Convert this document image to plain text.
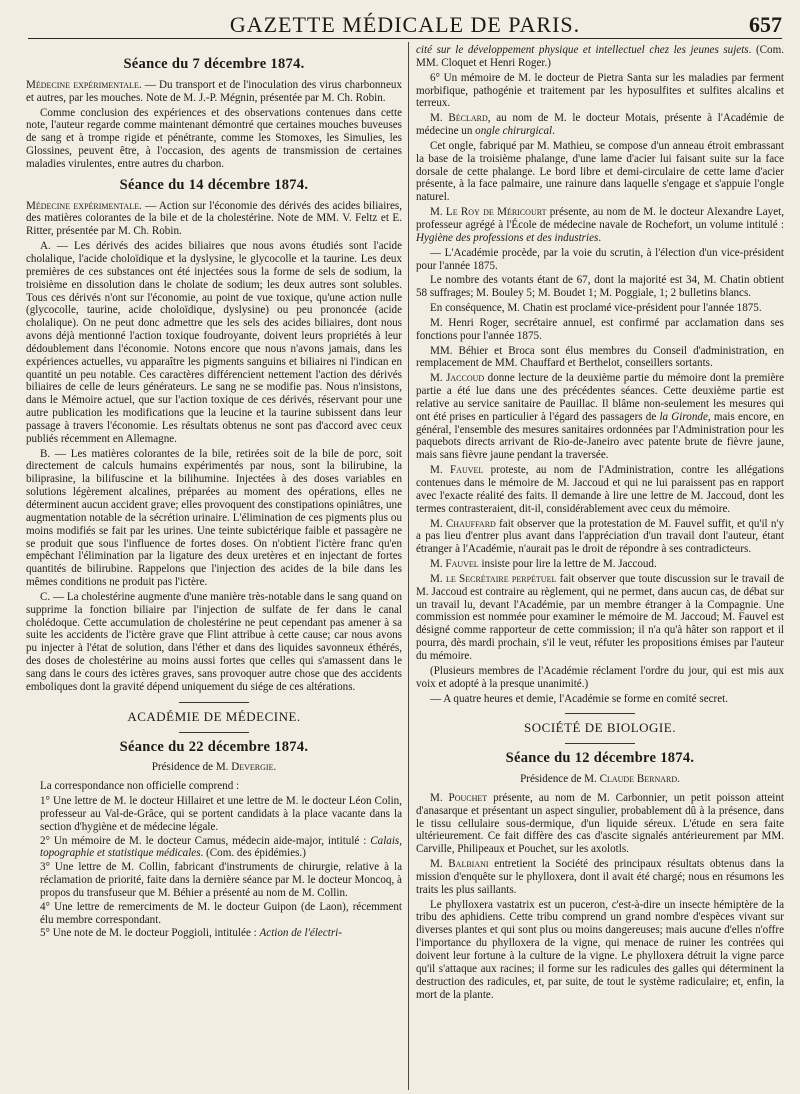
GAZETTE MÉDICALE DE PARIS.	657
Séance du 7 décembre 1874.

Médecine expérimentale. — Du transport et de l'inoculation des virus charbonneux et autres, par les mouches. Note de M. J.-P. Mégnin, présentée par M. Ch. Robin.

Comme conclusion des expériences et des observations contenues dans cette note, l'auteur regarde comme maintenant démontré que certaines mouches buveuses de sang et à trompe rigide et pénétrante, comme les Stomoxes, les Simulies, les Glossines, peuvent être, à l'occasion, des agents de transmission de certaines maladies virulentes, entre autres du charbon.

Séance du 14 décembre 1874.

Médecine expérimentale. — Action sur l'économie des dérivés des acides biliaires, des matières colorantes de la bile et de la cholestérine. Note de MM. V. Feltz et E. Ritter, présentée par M. Ch. Robin.

A. — Les dérivés des acides biliaires que nous avons étudiés sont l'acide cholalique, l'acide choloïdique et la dyslysine, le glycocolle et la taurine. Les deux premières de ces substances ont été injectées sous la forme de sels de sodium, la troisième en dissolution dans le cholate de sodium; les deux autres sont solubles. Tous ces dérivés n'ont sur l'économie, au point de vue toxique, qu'une action nulle (glycocolle, taurine, acide choloïdique, dyslysine) ou peu prononcée (acide cholalique). On ne peut donc admettre que les sels des acides biliaires, dont nous avons déjà mentionné l'action toxique foudroyante, doivent leurs propriétés à leur dédoublement dans l'économie. Notons encore que nous n'avons jamais, dans les expériences actuelles, vu apparaître les pigments sanguins et biliaires ni l'indican en quantité un peu notable. Ces caractères différencient nettement l'action des dérivés biliaires de celle de leurs générateurs. Le sang ne se modifie pas. Nous n'insistons, dans le Mémoire actuel, que sur l'action toxique de ces dérivés, réservant pour une autre publication les modifications que la leucine et la taurine subissent dans leur passage à travers l'économie. Les résultats obtenus ne sont pas d'accord avec ceux publiés récemment en Allemagne.

B. — Les matières colorantes de la bile, retirées soit de la bile de porc, soit directement de calculs humains expérimentés par nous, sont la bilirubine, la biliprasine, la bilifuscine et la bilihumine. Injectées à des doses variables en solutions légèrement alcalines, préparées au moment des opérations, elles ne déterminent aucun accident grave; elles provoquent des constipations opiniâtres, une augmentation notable de la sécrétion urinaire. L'élimination de ces pigments plus ou moins modifiés se fait par les urines. Une teinte subictérique faible et passagère ne se produit que sous l'influence de fortes doses. On n'obtient l'ictère franc qu'en empêchant l'élimination par la ligature des deux uretères et en injectant de fortes quantités de bilirubine. Rappelons que l'injection des acides de la bile dans les mêmes conditions ne produit pas l'ictère.

C. — La cholestérine augmente d'une manière très-notable dans le sang quand on supprime la fonction biliaire par l'injection de sulfate de fer dans le canal cholédoque. Cette accumulation de cholestérine ne peut cependant pas amener à sa suite les accidents de l'ictère grave que Flint attribue à cette cause; car nous avons pu injecter à l'état de solution, dans l'éther et dans des liquides savonneux éthérés, des doses de cholestérine au moins aussi fortes que celles qui s'amassent dans le sang dans le cours des ictères graves, sans provoquer autre chose que des accidents emboliques dont la gravité dépend uniquement du siége de ces altérations.

ACADÉMIE DE MÉDECINE.
Séance du 22 décembre 1874.
Présidence de M. Devergie.

La correspondance non officielle comprend :

1° Une lettre de M. le docteur Hillairet et une lettre de M. le docteur Léon Colin, professeur au Val-de-Grâce, qui se portent candidats à la place vacante dans la section d'hygiène et de médecine légale.

2° Un mémoire de M. le docteur Camus, médecin aide-major, intitulé : Calais, topographie et statistique médicales. (Com. des épidémies.)

3° Une lettre de M. Collin, fabricant d'instruments de chirurgie, relative à la réclamation de priorité, faite dans la dernière séance par M. le docteur Moncoq, à propos du transfuseur que M. Béhier a présenté au nom de M. Collin.

4° Une lettre de remerciments de M. le docteur Guipon (de Laon), récemment élu membre correspondant.

5° Une note de M. le docteur Poggioli, intitulée : Action de l'électri-

cité sur le développement physique et intellectuel chez les jeunes sujets. (Com. MM. Cloquet et Henri Roger.)

6° Un mémoire de M. le docteur de Pietra Santa sur les maladies par ferment morbifique, pathogénie et traitement par les hyposulfites et sulfites alcalins et terreux.

M. Béclard, au nom de M. le docteur Motais, présente à l'Académie de médecine un ongle chirurgical.

Cet ongle, fabriqué par M. Mathieu, se compose d'un anneau étroit embrassant la base de la troisième phalange, d'une lame d'acier lui faisant suite sur la face dorsale de cette phalange. Le bord libre et demi-circulaire de cette lame d'acier présente, à la face palmaire, une rainure dans laquelle s'engage et s'appuie l'ongle naturel.

M. Le Roy de Méricourt présente, au nom de M. le docteur Alexandre Layet, professeur agrégé à l'École de médecine navale de Rochefort, un volume intitulé : Hygiène des professions et des industries.

— L'Académie procède, par la voie du scrutin, à l'élection d'un vice-président pour l'année 1875.

Le nombre des votants étant de 67, dont la majorité est 34, M. Chatin obtient 58 suffrages; M. Bouley 5; M. Boudet 1; M. Poggiale, 1; 2 bulletins blancs.

En conséquence, M. Chatin est proclamé vice-président pour l'année 1875.

M. Henri Roger, secrétaire annuel, est confirmé par acclamation dans ses fonctions pour l'année 1875.

MM. Béhier et Broca sont élus membres du Conseil d'administration, en remplacement de MM. Chauffard et Berthelot, conseillers sortants.

M. Jaccoud donne lecture de la deuxième partie du mémoire dont la première partie a été lue dans une des précédentes séances. Cette deuxième partie est relative au service sanitaire de Pauillac. Il blâme non-seulement les mesures qui ont été prises en particulier à l'égard des passagers de la Gironde, mais encore, en général, l'ensemble des mesures sanitaires ordonnées par l'Administration pour les paquebots directs arrivant de Rio-de-Janeiro avec patente brute de fièvre jaune, mais sans fièvre jaune pendant la traversée.

M. Fauvel proteste, au nom de l'Administration, contre les allégations contenues dans le mémoire de M. Jaccoud et qui ne lui paraissent pas en rapport avec l'exacte réalité des faits. Il demande à lire une lettre de M. Jaccoud, dont les termes contrasteraient, dit-il, considérablement avec ceux du mémoire.

M. Chauffard fait observer que la protestation de M. Fauvel suffit, et qu'il n'y a pas lieu d'entrer plus avant dans l'appréciation d'un travail dont l'auteur, étant étranger à l'Académie, n'aurait pas le droit de répondre à ses contradicteurs.

M. Fauvel insiste pour lire la lettre de M. Jaccoud.

M. le Secrétaire perpétuel fait observer que toute discussion sur le travail de M. Jaccoud est contraire au règlement, qui ne permet, dans aucun cas, de débat sur un travail lu, devant l'Académie, par un membre étranger à la Compagnie. Une commission est nommée pour examiner le mémoire de M. Jaccoud; M. Fauvel est désigné comme rapporteur de cette commission; il n'a qu'à hâter son rapport et il pourra, dès mardi prochain, s'il le veut, réfuter les propositions émises par l'auteur du mémoire.

(Plusieurs membres de l'Académie réclament l'ordre du jour, qui est mis aux voix et adopté à la presque unanimité.)

— A quatre heures et demie, l'Académie se forme en comité secret.

SOCIÉTÉ DE BIOLOGIE.
Séance du 12 décembre 1874.
Présidence de M. Claude Bernard.

M. Pouchet présente, au nom de M. Carbonnier, un petit poisson atteint d'anasarque et présentant un aspect singulier, probablement dû à la présence, dans le tissu cellulaire sous-dermique, d'un liquide séreux. L'étude en sera faite ultérieurement. Ce fait diffère des cas d'ascite signalés antérieurement par MM. Carville, Philipeaux et Pouchet, sur les axolotls.

M. Balbiani entretient la Société des principaux résultats obtenus dans la mission d'enquête sur le phylloxera, dont il avait été chargé; nous en résumons les traits les plus saillants.

Le phylloxera vastatrix est un puceron, c'est-à-dire un insecte hémiptère de la tribu des aphidiens. Cette tribu comprend un grand nombre d'espèces vivant sur diverses plantes et qui sont plus ou moins dangereuses; mais aucune d'elles n'offre l'importance du phylloxera de la vigne, qui menace de ruiner les contrées qui doivent leur fortune à la culture de la vigne. Le phylloxera détruit la vigne parce qu'il s'attaque aux racines; il forme sur les radicules des galles qui déterminent la destruction des radicules, et, par suite, de tout le système radiculaire; et, enfin, la mort de la plante.
